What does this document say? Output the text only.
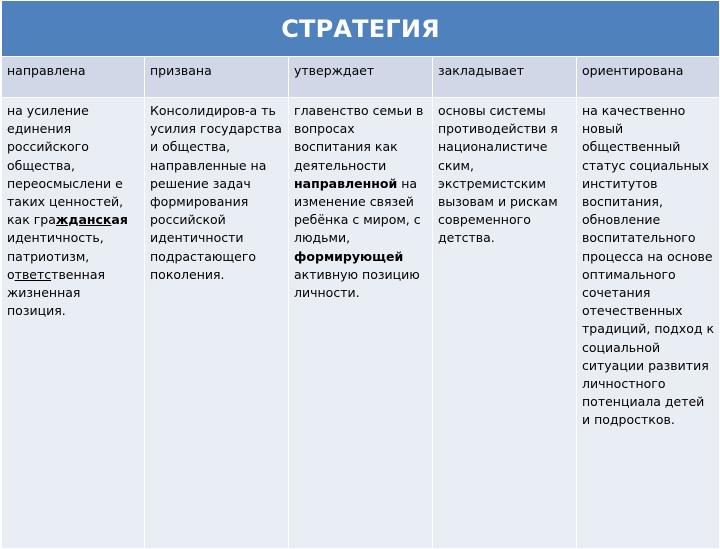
СТРАТЕГИЯ				
направлена	призвана	утверждает	закладывает	ориентирована
на усиление единения российского общества, переосмыслени е таких ценностей, как гражданская идентичность, патриотизм, ответственная жизненная позиция.	Консолидиров-а ть усилия государства и общества, направленные на решение задач формирования российской идентичности подрастающего поколения.	главенство семьи в вопросах воспитания как деятельности направленной на изменение связей ребёнка с миром, с людьми, формирующей активную позицию личности.	основы системы противодействи я националистиче ским, экстремистским вызовам и рискам современного детства.	на качественно новый общественный статус социальных институтов воспитания, обновление воспитательного процесса на основе оптимального сочетания отечественных традиций, подход к социальной ситуации развития личностного потенциала детей и подростков.
